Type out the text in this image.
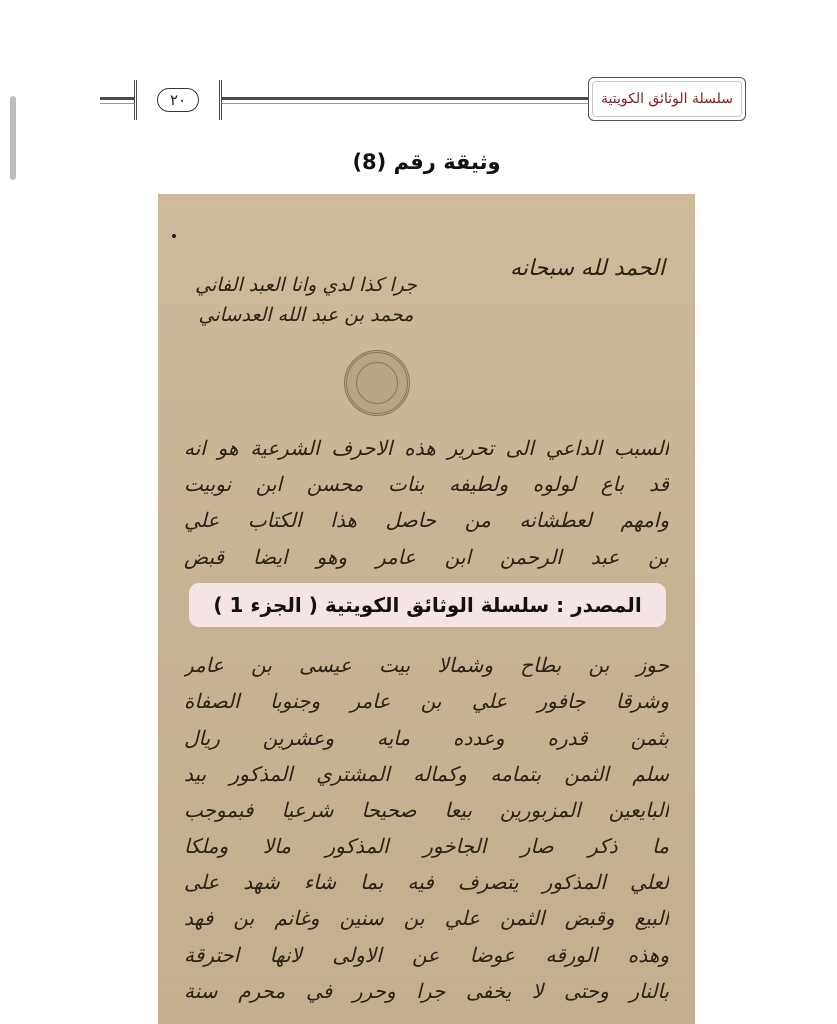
٢٠	سلسلة الوثائق الكويتية
وثيقة رقم (8)
الحمد لله سبحانه
جرا كذا لدي وانا العبد الفاني
محمد بن عبد الله العدساني
السبب الداعي الى تحرير هذه الاحرف الشرعية هو انه
قد باع لولوه ولطيفه بنات محسن ابن نوبيت
وامهم لعطشانه من حاصل هذا الكتاب علي
بن عبد الرحمن ابن عامر وهو ايضا قبض
حوز بن بطاح وشمالا بيت عيسى بن عامر
وشرقا جافور علي بن عامر وجنوبا الصفاة
بثمن قدره وعدده مايه وعشرين ريال
سلم الثمن بتمامه وكماله المشتري المذكور بيد
البايعين المزبورين بيعا صحيحا شرعيا فبموجب
ما ذكر صار الجاخور المذكور مالا وملكا
لعلي المذكور يتصرف فيه بما شاء شهد على
البيع وقبض الثمن علي بن سنين وغانم بن فهد
وهذه الورقه عوضا عن الاولى لانها احترقة
بالنار وحتى لا يخفى جرا وحرر في محرم سنة
المصدر : سلسلة الوثائق الكويتية ( الجزء 1 )
